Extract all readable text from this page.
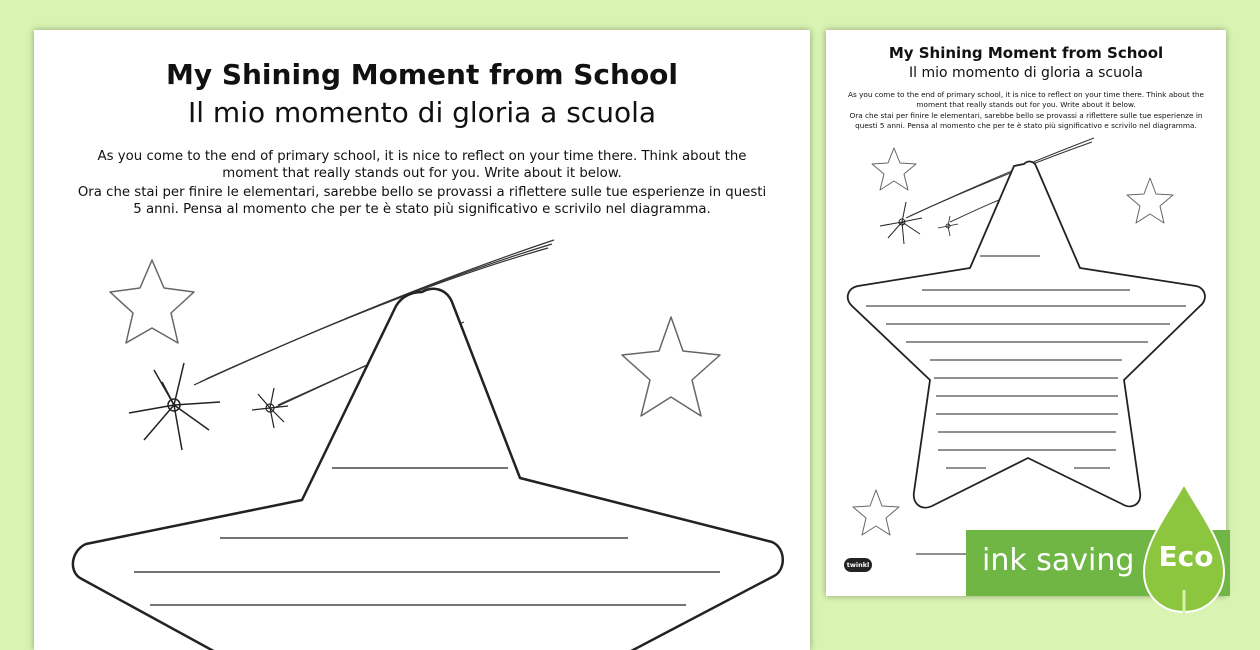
My Shining Moment from School
Il mio momento di gloria a scuola

As you come to the end of primary school, it is nice to reflect on your time there. Think about the moment that really stands out for you. Write about it below.

Ora che stai per finire le elementari, sarebbe bello se provassi a riflettere sulle tue esperienze in questi 5 anni. Pensa al momento che per te è stato più significativo e scrivilo nel diagramma.

My Shining Moment from School
Il mio momento di gloria a scuola

As you come to the end of primary school, it is nice to reflect on your time there. Think about the moment that really stands out for you. Write about it below.

Ora che stai per finire le elementari, sarebbe bello se provassi a riflettere sulle tue esperienze in questi 5 anni. Pensa al momento che per te è stato più significativo e scrivilo nel diagramma.

twinkl	ink saving Eco
